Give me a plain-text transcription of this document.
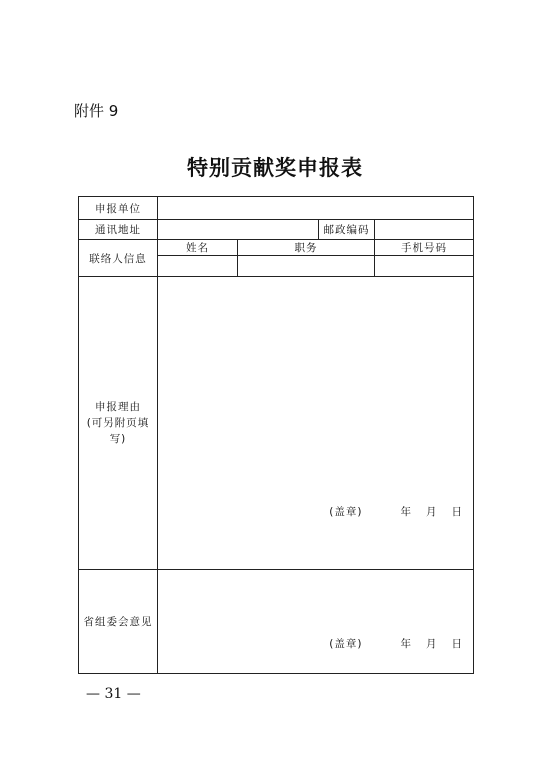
附件 9
特别贡献奖申报表
申报单位				
通讯地址			邮政编码	
联络人信息	姓名	职务		手机号码

申报理由
(可另附页填
写)	(盖章) 年 月 日			

省组委会意见	(盖章) 年 月 日			
— 31 —
